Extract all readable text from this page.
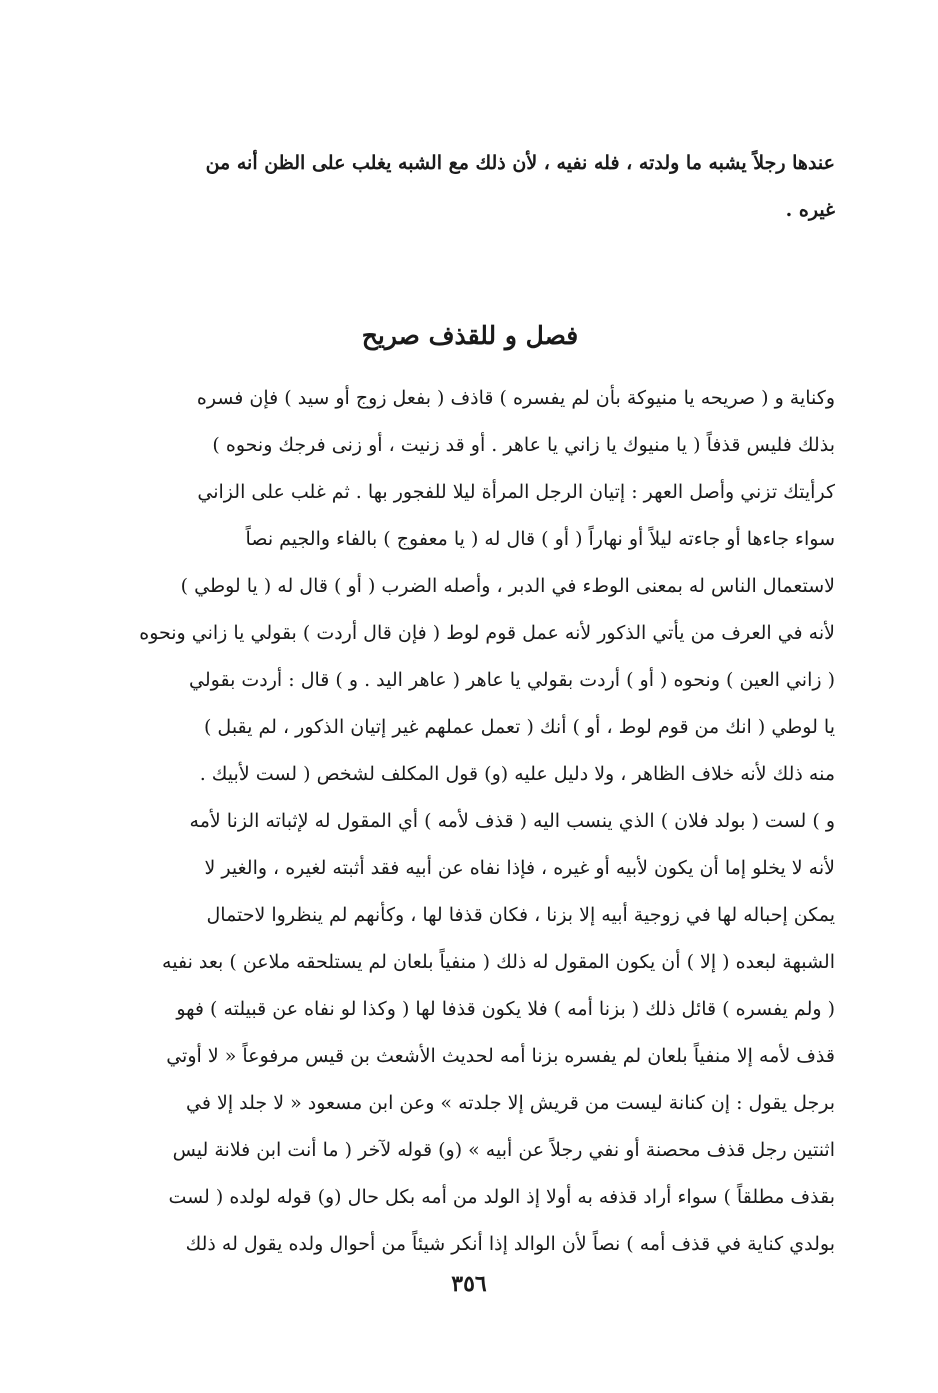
عندها رجلاً يشبه ما ولدته ، فله نفيه ، لأن ذلك مع الشبه يغلب على الظن أنه من
غيره .
فصل و للقذف صريح
وكناية و ( صريحه يا منيوكة بأن لم يفسره ) قاذف ( بفعل زوج أو سيد ) فإن فسره
بذلك فليس قذفاً ( يا منيوك يا زاني يا عاهر . أو قد زنيت ، أو زنى فرجك ونحوه )
كرأيتك تزني وأصل العهر : إتيان الرجل المرأة ليلا للفجور بها . ثم غلب على الزاني
سواء جاءها أو جاءته ليلاً أو نهاراً ( أو ) قال له ( يا معفوج ) بالفاء والجيم نصاً
لاستعمال الناس له بمعنى الوطء في الدبر ، وأصله الضرب ( أو ) قال له ( يا لوطي )
لأنه في العرف من يأتي الذكور لأنه عمل قوم لوط ( فإن قال أردت ) بقولي يا زاني ونحوه
( زاني العين ) ونحوه ( أو ) أردت بقولي يا عاهر ( عاهر اليد . و ) قال : أردت بقولي
يا لوطي ( انك من قوم لوط ، أو ) أنك ( تعمل عملهم غير إتيان الذكور ، لم يقبل )
منه ذلك لأنه خلاف الظاهر ، ولا دليل عليه (و) قول المكلف لشخص ( لست لأبيك .
و ) لست ( بولد فلان ) الذي ينسب اليه ( قذف لأمه ) أي المقول له لإثباته الزنا لأمه
لأنه لا يخلو إما أن يكون لأبيه أو غيره ، فإذا نفاه عن أبيه فقد أثبته لغيره ، والغير لا
يمكن إحباله لها في زوجية أبيه إلا بزنا ، فكان قذفا لها ، وكأنهم لم ينظروا لاحتمال
الشبهة لبعده ( إلا ) أن يكون المقول له ذلك ( منفياً بلعان لم يستلحقه ملاعن ) بعد نفيه
( ولم يفسره ) قائل ذلك ( بزنا أمه ) فلا يكون قذفا لها ( وكذا لو نفاه عن قبيلته ) فهو
قذف لأمه إلا منفياً بلعان لم يفسره بزنا أمه لحديث الأشعث بن قيس مرفوعاً « لا أوتي
برجل يقول : إن كنانة ليست من قريش إلا جلدته » وعن ابن مسعود « لا جلد إلا في
اثنتين رجل قذف محصنة أو نفي رجلاً عن أبيه » (و) قوله لآخر ( ما أنت ابن فلانة ليس
بقذف مطلقاً ) سواء أراد قذفه به أولا إذ الولد من أمه بكل حال (و) قوله لولده ( لست
بولدي كناية في قذف أمه ) نصاً لأن الوالد إذا أنكر شيئاً من أحوال ولده يقول له ذلك
٣٥٦
